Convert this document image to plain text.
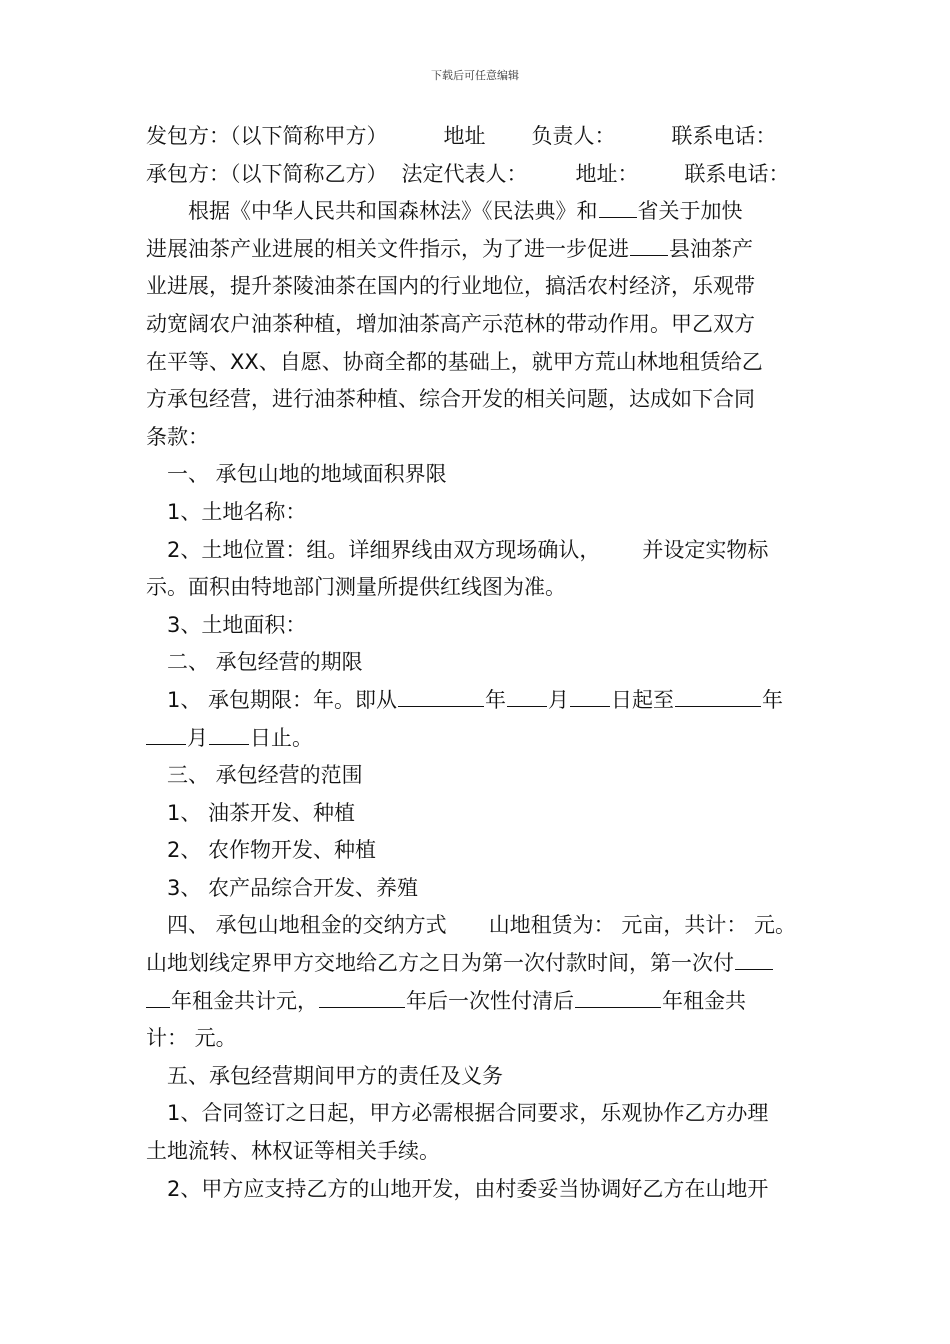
下载后可任意编辑
发包方：（以下简称甲方）	地址 负责人：	联系电话：
承包方：（以下简称乙方） 法定代表人： 地址： 联系电话：
根据《中华人民共和国森林法》《民法典》和 省关于加快
进展油茶产业进展的相关文件指示，为了进一步促进 县油茶产
业进展，提升茶陵油茶在国内的行业地位，搞活农村经济，乐观带
动宽阔农户油茶种植，增加油茶高产示范林的带动作用。甲乙双方
在平等、XX、自愿、协商全都的基础上，就甲方荒山林地租赁给乙
方承包经营，进行油茶种植、综合开发的相关问题，达成如下合同
条款：
一、 承包山地的地域面积界限
1、土地名称：
2、土地位置：组。详细界线由双方现场确认， 并设定实物标
示。面积由特地部门测量所提供红线图为准。
3、土地面积：
二、 承包经营的期限
1、 承包期限：年。即从	年 月 日起至	年
月 日止。
三、 承包经营的范围
1、 油茶开发、种植
2、 农作物开发、种植
3、 农产品综合开发、养殖
四、 承包山地租金的交纳方式 山地租赁为： 元亩，共计： 元。
山地划线定界甲方交地给乙方之日为第一次付款时间，第一次付
年租金共计元，	年后一次性付清后	年租金共
计： 元。
五、承包经营期间甲方的责任及义务
1、合同签订之日起，甲方必需根据合同要求，乐观协作乙方办理
土地流转、林权证等相关手续。
2、甲方应支持乙方的山地开发，由村委妥当协调好乙方在山地开
